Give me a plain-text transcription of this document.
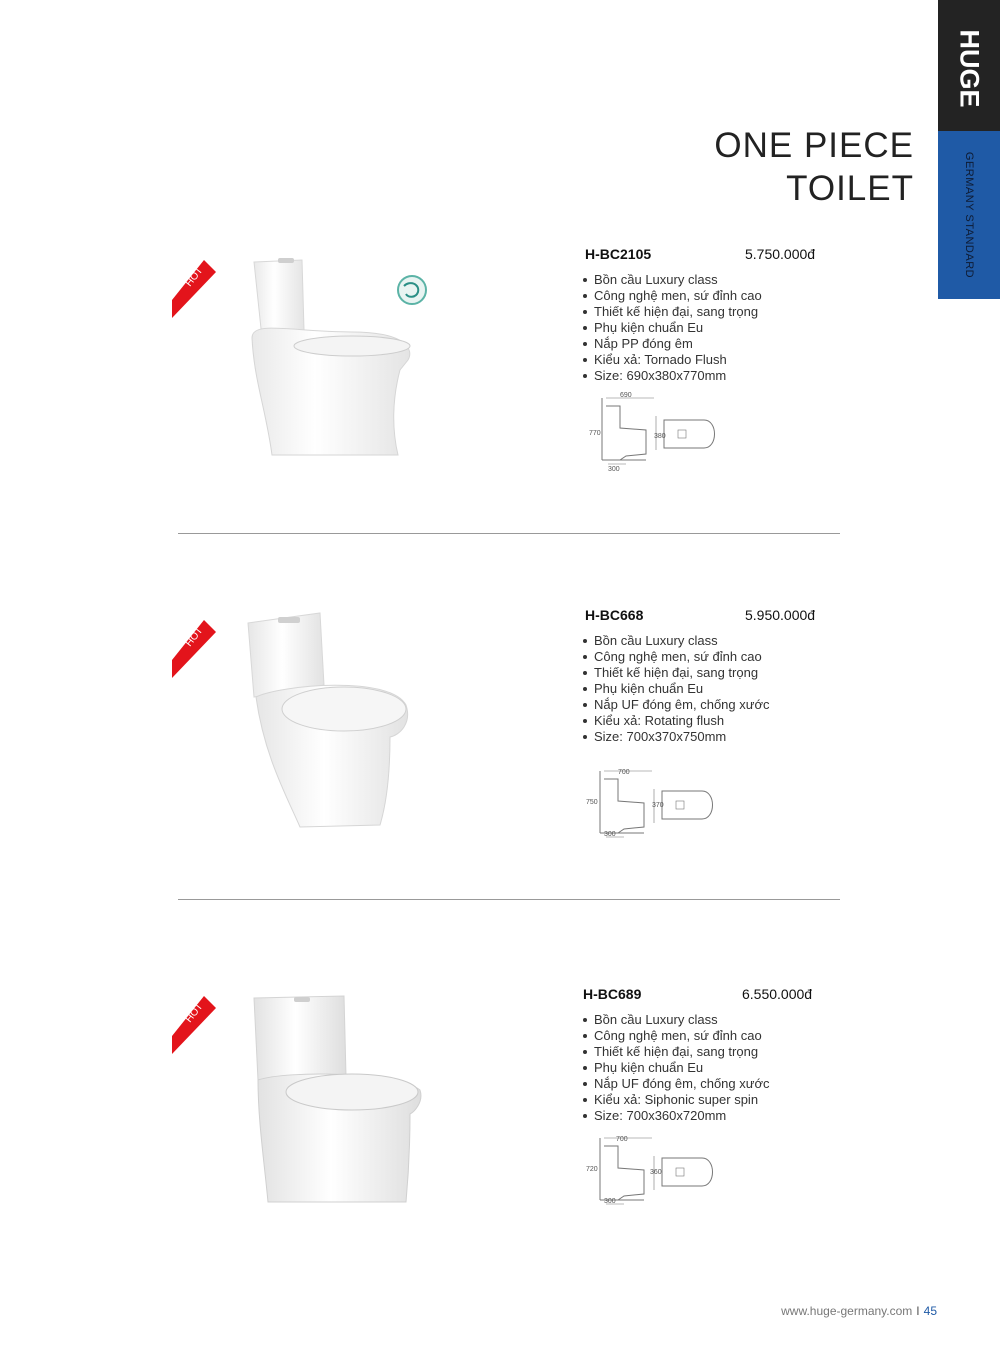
HUGE
GERMANY STANDARD
ONE PIECE
TOILET
HOT
H-BC2105	5.750.000đ
Bồn cầu Luxury class
Công nghệ men, sứ đỉnh cao
Thiết kế hiện đại, sang trọng
Phụ kiện chuẩn Eu
Nắp PP đóng êm
Kiểu xả: Tornado Flush
Size: 690x380x770mm
690
770	380
300
HOT
H-BC668	5.950.000đ
Bồn cầu Luxury class
Công nghệ men, sứ đỉnh cao
Thiết kế hiện đại, sang trọng
Phụ kiện chuẩn Eu
Nắp UF đóng êm, chống xước
Kiểu xả: Rotating flush
Size: 700x370x750mm
700
750	370
300
HOT
H-BC689	6.550.000đ
Bồn cầu Luxury class
Công nghệ men, sứ đỉnh cao
Thiết kế hiện đại, sang trọng
Phụ kiện chuẩn Eu
Nắp UF đóng êm, chống xước
Kiểu xả: Siphonic super spin
Size: 700x360x720mm
700
720	360
300
www.huge-germany.com I 45
